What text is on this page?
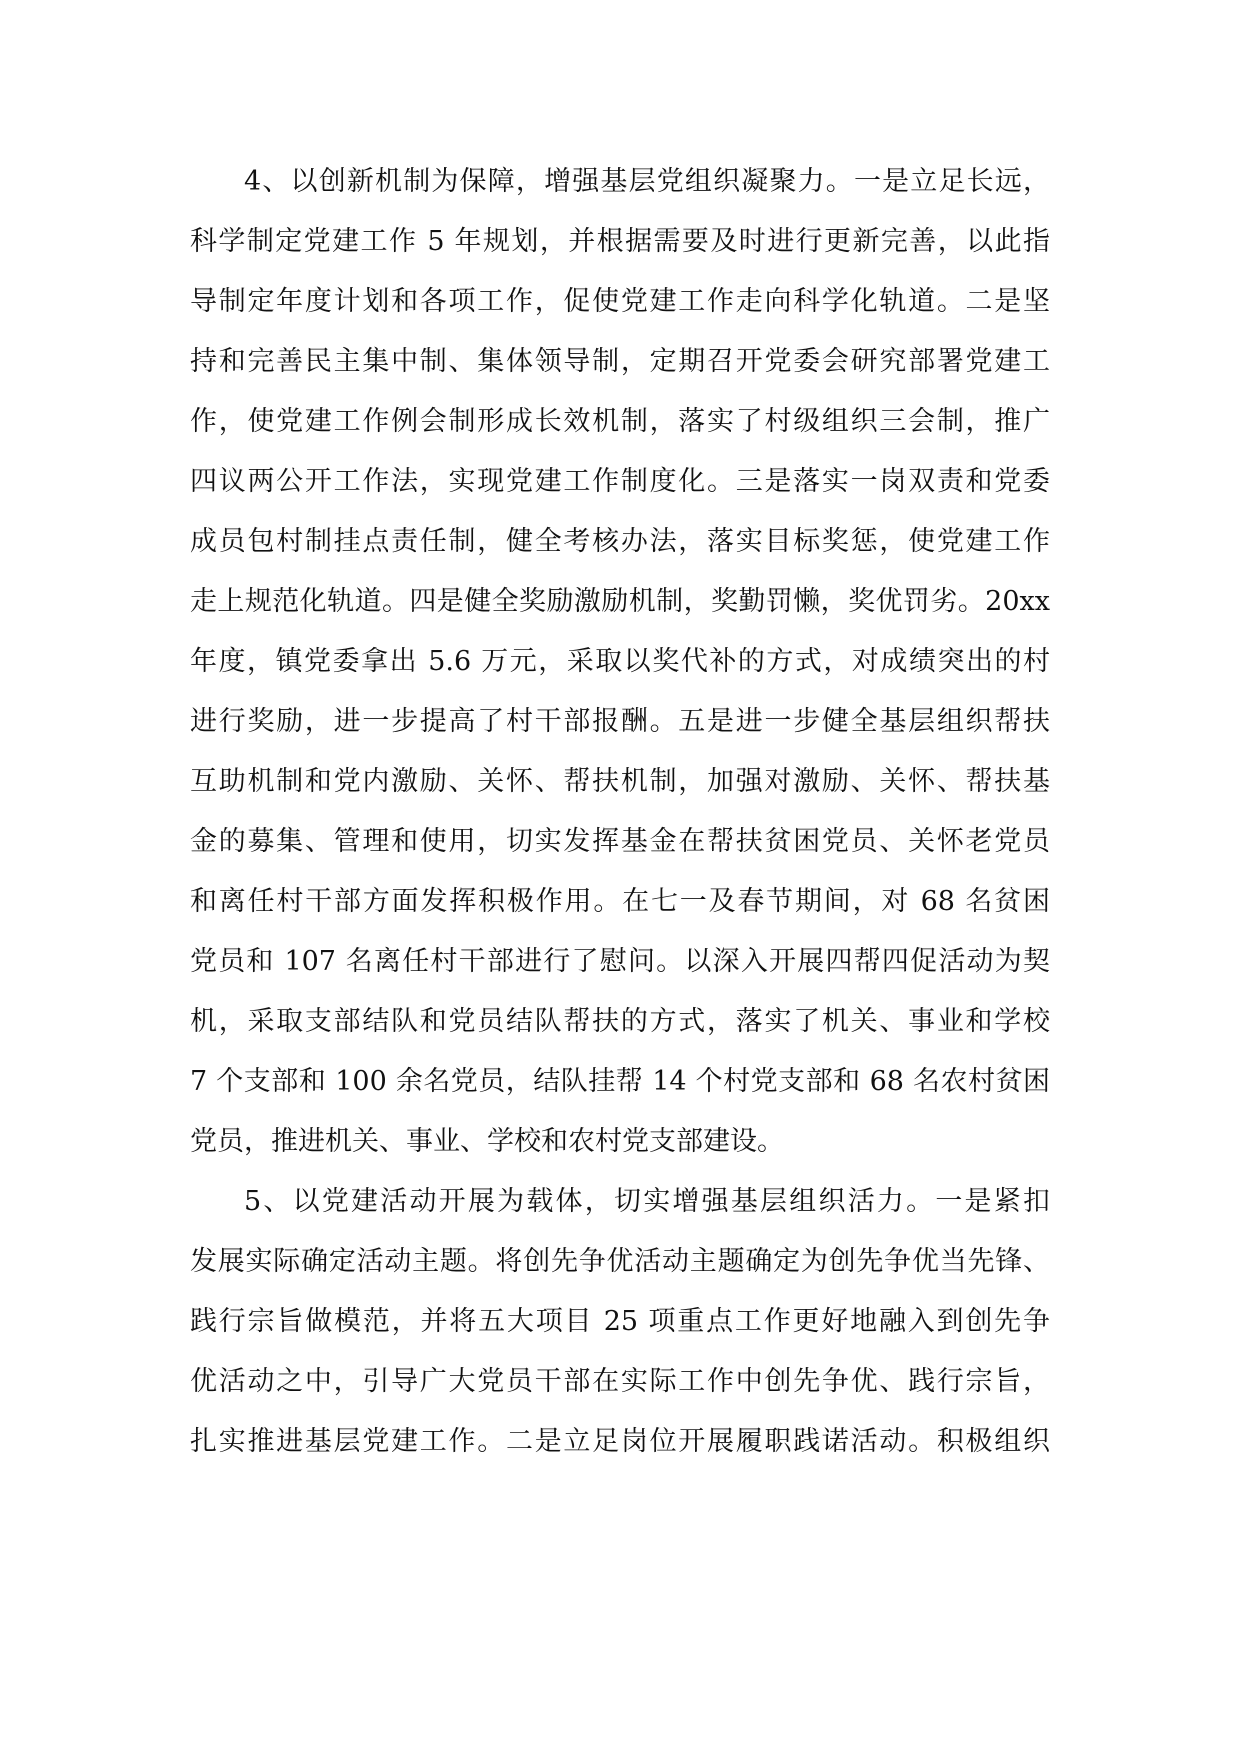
4、以创新机制为保障，增强基层党组织凝聚力。一是立足长远，
科学制定党建工作 5 年规划，并根据需要及时进行更新完善，以此指
导制定年度计划和各项工作，促使党建工作走向科学化轨道。二是坚
持和完善民主集中制、集体领导制，定期召开党委会研究部署党建工
作，使党建工作例会制形成长效机制，落实了村级组织三会制，推广
四议两公开工作法，实现党建工作制度化。三是落实一岗双责和党委
成员包村制挂点责任制，健全考核办法，落实目标奖惩，使党建工作
走上规范化轨道。四是健全奖励激励机制，奖勤罚懒，奖优罚劣。20xx
年度，镇党委拿出 5.6 万元，采取以奖代补的方式，对成绩突出的村
进行奖励，进一步提高了村干部报酬。五是进一步健全基层组织帮扶
互助机制和党内激励、关怀、帮扶机制，加强对激励、关怀、帮扶基
金的募集、管理和使用，切实发挥基金在帮扶贫困党员、关怀老党员
和离任村干部方面发挥积极作用。在七一及春节期间，对 68 名贫困
党员和 107 名离任村干部进行了慰问。以深入开展四帮四促活动为契
机，采取支部结队和党员结队帮扶的方式，落实了机关、事业和学校
7 个支部和 100 余名党员，结队挂帮 14 个村党支部和 68 名农村贫困
党员，推进机关、事业、学校和农村党支部建设。
5、以党建活动开展为载体，切实增强基层组织活力。一是紧扣
发展实际确定活动主题。将创先争优活动主题确定为创先争优当先锋、
践行宗旨做模范，并将五大项目 25 项重点工作更好地融入到创先争
优活动之中，引导广大党员干部在实际工作中创先争优、践行宗旨，
扎实推进基层党建工作。二是立足岗位开展履职践诺活动。积极组织
